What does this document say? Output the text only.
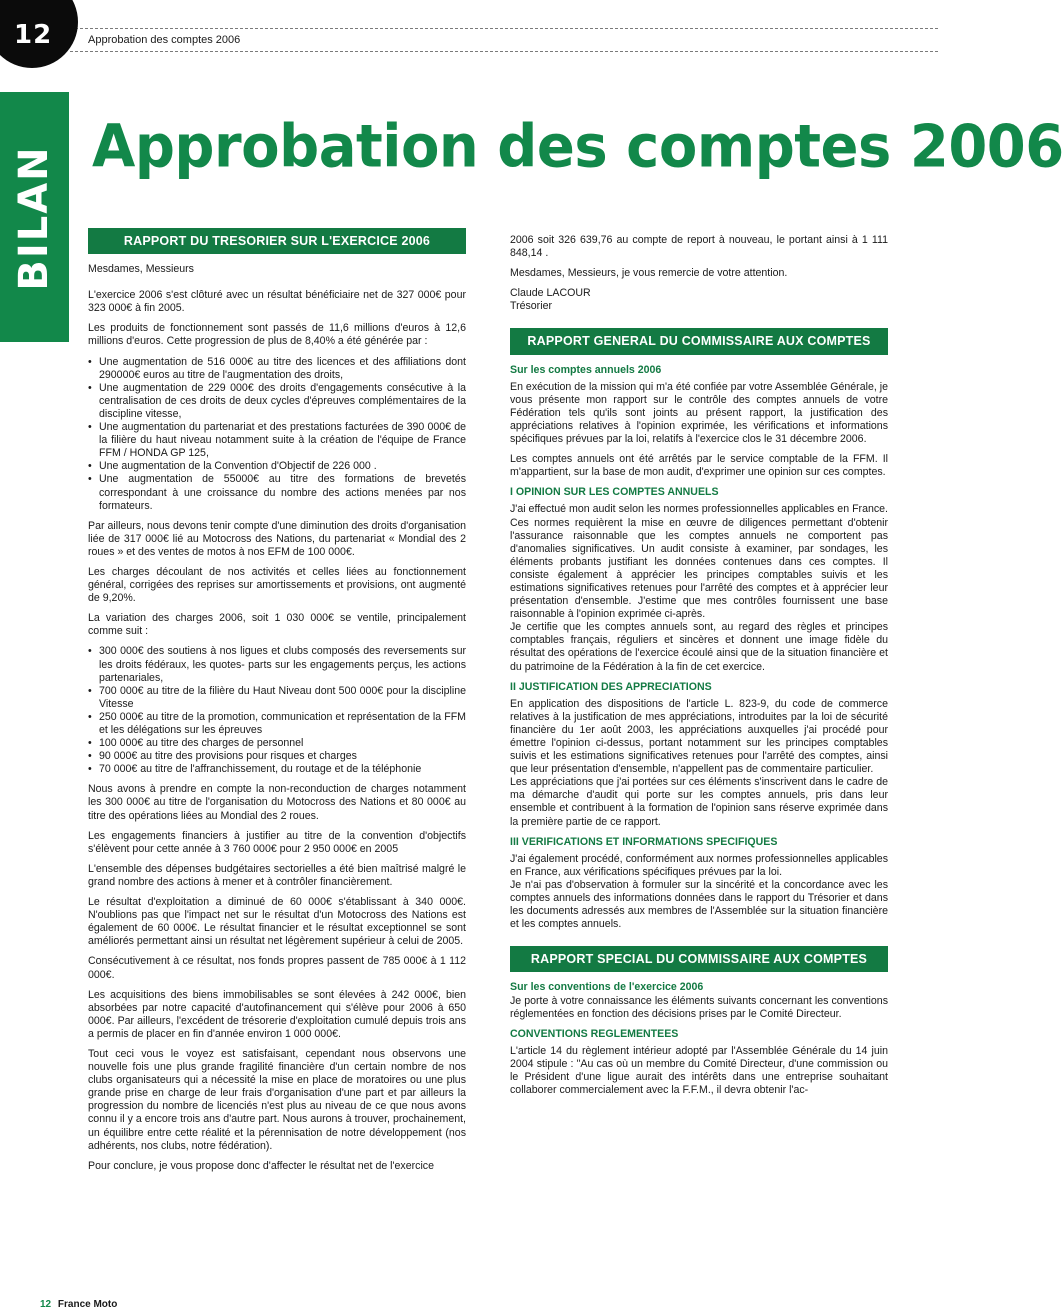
12	Approbation des comptes 2006
BILAN Approbation des comptes 2006
RAPPORT DU TRESORIER SUR L'EXERCICE 2006

Mesdames, Messieurs

L'exercice 2006 s'est clôturé avec un résultat bénéficiaire net de 327 000€ pour 323 000€ à fin 2005.

Les produits de fonctionnement sont passés de 11,6 millions d'euros à 12,6 millions d'euros. Cette progression de plus de 8,40% a été générée par :

• Une augmentation de 516 000€ au titre des licences et des affiliations dont 290000€ euros au titre de l'augmentation des droits,
• Une augmentation de 229 000€ des droits d'engagements consécutive à la centralisation de ces droits de deux cycles d'épreuves complémentaires de la discipline vitesse,
• Une augmentation du partenariat et des prestations facturées de 390 000€ de la filière du haut niveau notamment suite à la création de l'équipe de France FFM / HONDA GP 125,
• Une augmentation de la Convention d'Objectif de 226 000 .
• Une augmentation de 55000€ au titre des formations de brevetés correspondant à une croissance du nombre des actions menées par nos formateurs.

Par ailleurs, nous devons tenir compte d'une diminution des droits d'organisation liée de 317 000€ lié au Motocross des Nations, du partenariat « Mondial des 2 roues » et des ventes de motos à nos EFM de 100 000€.

Les charges découlant de nos activités et celles liées au fonctionnement général, corrigées des reprises sur amortissements et provisions, ont augmenté de 9,20%.

La variation des charges 2006, soit 1 030 000€ se ventile, principalement comme suit :

• 300 000€ des soutiens à nos ligues et clubs composés des reversements sur les droits fédéraux, les quotes- parts sur les engagements perçus, les actions partenariales,
• 700 000€ au titre de la filière du Haut Niveau dont 500 000€ pour la discipline Vitesse
• 250 000€ au titre de la promotion, communication et représentation de la FFM et les délégations sur les épreuves
• 100 000€ au titre des charges de personnel
• 90 000€ au titre des provisions pour risques et charges
• 70 000€ au titre de l'affranchissement, du routage et de la téléphonie

Nous avons à prendre en compte la non-reconduction de charges notamment les 300 000€ au titre de l'organisation du Motocross des Nations et 80 000€ au titre des opérations liées au Mondial des 2 roues.

Les engagements financiers à justifier au titre de la convention d'objectifs s'élèvent pour cette année à 3 760 000€ pour 2 950 000€ en 2005

L'ensemble des dépenses budgétaires sectorielles a été bien maîtrisé malgré le grand nombre des actions à mener et à contrôler financièrement.

Le résultat d'exploitation a diminué de 60 000€ s'établissant à 340 000€. N'oublions pas que l'impact net sur le résultat d'un Motocross des Nations est également de 60 000€. Le résultat financier et le résultat exceptionnel se sont améliorés permettant ainsi un résultat net légèrement supérieur à celui de 2005.

Consécutivement à ce résultat, nos fonds propres passent de 785 000€ à 1 112 000€.

Les acquisitions des biens immobilisables se sont élevées à 242 000€, bien absorbées par notre capacité d'autofinancement qui s'élève pour 2006 à 650 000€. Par ailleurs, l'excédent de trésorerie d'exploitation cumulé depuis trois ans a permis de placer en fin d'année environ 1 000 000€.

Tout ceci vous le voyez est satisfaisant, cependant nous observons une nouvelle fois une plus grande fragilité financière d'un certain nombre de nos clubs organisateurs qui a nécessité la mise en place de moratoires ou une plus grande prise en charge de leur frais d'organisation d'une part et par ailleurs la progression du nombre de licenciés n'est plus au niveau de ce que nous avons connu il y a encore trois ans d'autre part. Nous aurons à trouver, prochainement, un équilibre entre cette réalité et la pérennisation de notre développement (nos adhérents, nos clubs, notre fédération).

Pour conclure, je vous propose donc d'affecter le résultat net de l'exercice

2006 soit 326 639,76 au compte de report à nouveau, le portant ainsi à 1 111 848,14 .

Mesdames, Messieurs, je vous remercie de votre attention.

Claude LACOUR
Trésorier

RAPPORT GENERAL DU COMMISSAIRE AUX COMPTES
Sur les comptes annuels 2006

En exécution de la mission qui m'a été confiée par votre Assemblée Générale, je vous présente mon rapport sur le contrôle des comptes annuels de votre Fédération tels qu'ils sont joints au présent rapport, la justification des appréciations relatives à l'opinion exprimée, les vérifications et informations spécifiques prévues par la loi, relatifs à l'exercice clos le 31 décembre 2006.

Les comptes annuels ont été arrêtés par le service comptable de la FFM. Il m'appartient, sur la base de mon audit, d'exprimer une opinion sur ces comptes.

I OPINION SUR LES COMPTES ANNUELS

J'ai effectué mon audit selon les normes professionnelles applicables en France. Ces normes requièrent la mise en œuvre de diligences permettant d'obtenir l'assurance raisonnable que les comptes annuels ne comportent pas d'anomalies significatives. Un audit consiste à examiner, par sondages, les éléments probants justifiant les données contenues dans ces comptes. Il consiste également à apprécier les principes comptables suivis et les estimations significatives retenues pour l'arrêté des comptes et à apprécier leur présentation d'ensemble. J'estime que mes contrôles fournissent une base raisonnable à l'opinion exprimée ci-après.

Je certifie que les comptes annuels sont, au regard des règles et principes comptables français, réguliers et sincères et donnent une image fidèle du résultat des opérations de l'exercice écoulé ainsi que de la situation financière et du patrimoine de la Fédération à la fin de cet exercice.

II JUSTIFICATION DES APPRECIATIONS

En application des dispositions de l'article L. 823-9, du code de commerce relatives à la justification de mes appréciations, introduites par la loi de sécurité financière du 1er août 2003, les appréciations auxquelles j'ai procédé pour émettre l'opinion ci-dessus, portant notamment sur les principes comptables suivis et les estimations significatives retenues pour l'arrêté des comptes, ainsi que leur présentation d'ensemble, n'appellent pas de commentaire particulier.

Les appréciations que j'ai portées sur ces éléments s'inscrivent dans le cadre de ma démarche d'audit qui porte sur les comptes annuels, pris dans leur ensemble et contribuent à la formation de l'opinion sans réserve exprimée dans la première partie de ce rapport.

III VERIFICATIONS ET INFORMATIONS SPECIFIQUES

J'ai également procédé, conformément aux normes professionnelles applicables en France, aux vérifications spécifiques prévues par la loi.

Je n'ai pas d'observation à formuler sur la sincérité et la concordance avec les comptes annuels des informations données dans le rapport du Trésorier et dans les documents adressés aux membres de l'Assemblée sur la situation financière et les comptes annuels.

RAPPORT SPECIAL DU COMMISSAIRE AUX COMPTES
Sur les conventions de l'exercice 2006

Je porte à votre connaissance les éléments suivants concernant les conventions réglementées en fonction des décisions prises par le Comité Directeur.

CONVENTIONS REGLEMENTEES

L'article 14 du règlement intérieur adopté par l'Assemblée Générale du 14 juin 2004 stipule : "Au cas où un membre du Comité Directeur, d'une commission ou le Président d'une ligue aurait des intérêts dans une entreprise souhaitant collaborer commercialement avec la F.F.M., il devra obtenir l'ac-

12 France Moto
